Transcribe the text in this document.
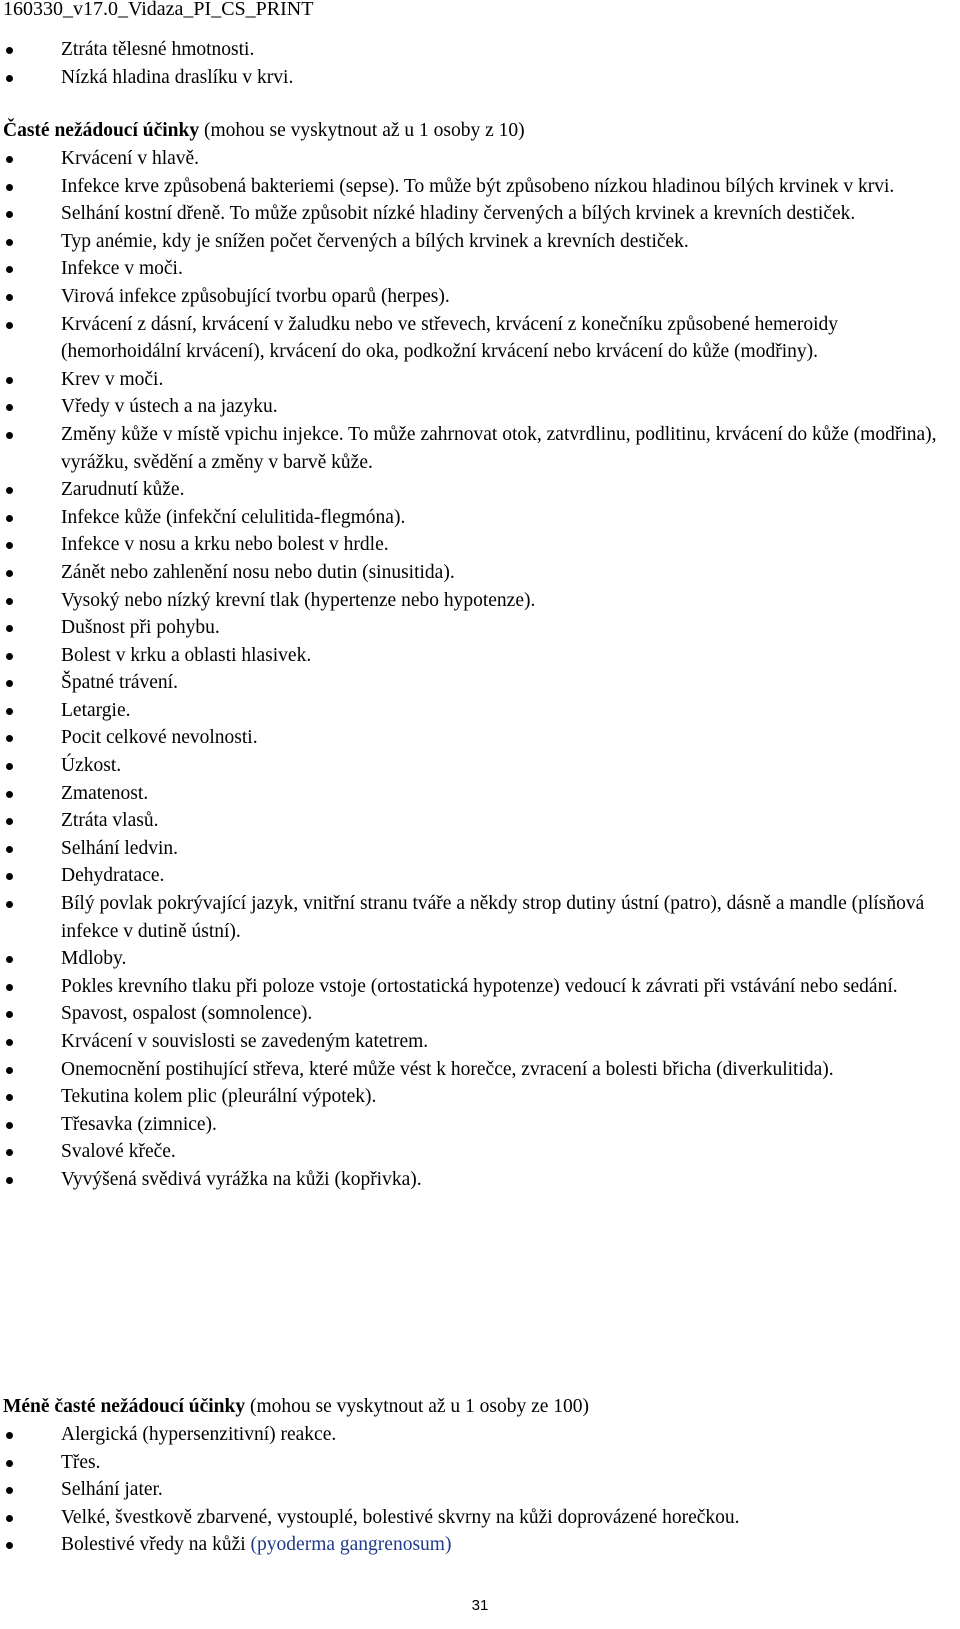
160330_v17.0_Vidaza_PI_CS_PRINT
Ztráta tělesné hmotnosti.
Nízká hladina draslíku v krvi.
Časté nežádoucí účinky (mohou se vyskytnout až u 1 osoby z 10)
Krvácení v hlavě.
Infekce krve způsobená bakteriemi (sepse). To může být způsobeno nízkou hladinou bílých krvinek v krvi.
Selhání kostní dřeně. To může způsobit nízké hladiny červených a bílých krvinek a krevních destiček.
Typ anémie, kdy je snížen počet červených a bílých krvinek a krevních destiček.
Infekce v moči.
Virová infekce způsobující tvorbu oparů (herpes).
Krvácení z dásní, krvácení v žaludku nebo ve střevech, krvácení z konečníku způsobené hemeroidy (hemorhoidální krvácení), krvácení do oka, podkožní krvácení nebo krvácení do kůže (modřiny).
Krev v moči.
Vředy v ústech a na jazyku.
Změny kůže v místě vpichu injekce. To může zahrnovat otok, zatvrdlinu, podlitinu, krvácení do kůže (modřina), vyrážku, svědění a změny v barvě kůže.
Zarudnutí kůže.
Infekce kůže (infekční celulitida-flegmóna).
Infekce v nosu a krku nebo bolest v hrdle.
Zánět nebo zahlenění nosu nebo dutin (sinusitida).
Vysoký nebo nízký krevní tlak (hypertenze nebo hypotenze).
Dušnost při pohybu.
Bolest v krku a oblasti hlasivek.
Špatné trávení.
Letargie.
Pocit celkové nevolnosti.
Úzkost.
Zmatenost.
Ztráta vlasů.
Selhání ledvin.
Dehydratace.
Bílý povlak pokrývající jazyk, vnitřní stranu tváře a někdy strop dutiny ústní (patro), dásně a mandle (plísňová infekce v dutině ústní).
Mdloby.
Pokles krevního tlaku při poloze vstoje (ortostatická hypotenze) vedoucí k závrati při vstávání nebo sedání.
Spavost, ospalost (somnolence).
Krvácení v souvislosti se zavedeným katetrem.
Onemocnění postihující střeva, které může vést k horečce, zvracení a bolesti břicha (diverkulitida).
Tekutina kolem plic (pleurální výpotek).
Třesavka (zimnice).
Svalové křeče.
Vyvýšená svědivá vyrážka na kůži (kopřivka).
Méně časté nežádoucí účinky (mohou se vyskytnout až u 1 osoby ze 100)
Alergická (hypersenzitivní) reakce.
Třes.
Selhání jater.
Velké, švestkově zbarvené, vystouplé, bolestivé skvrny na kůži doprovázené horečkou.
Bolestivé vředy na kůži (pyoderma gangrenosum)
31
